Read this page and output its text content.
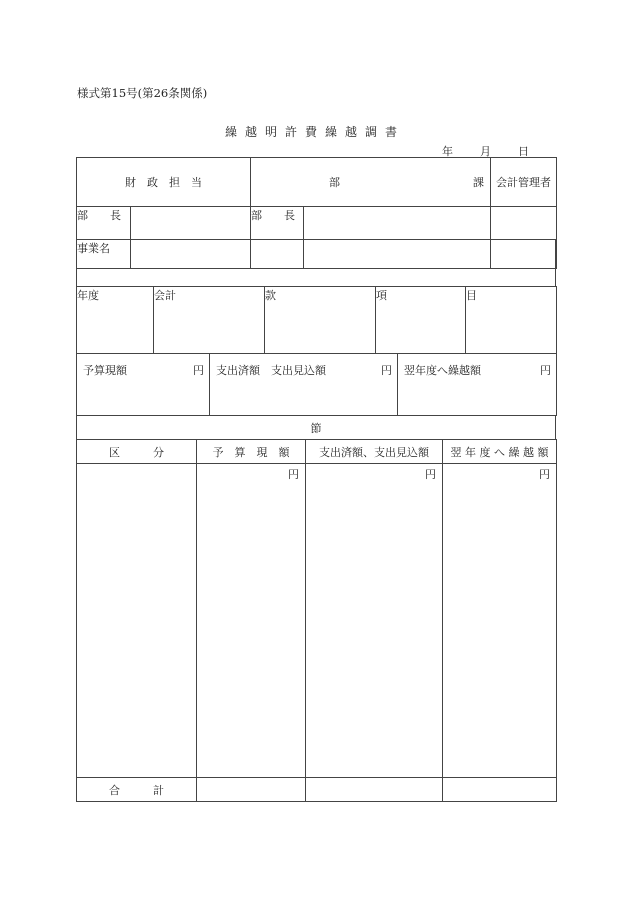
様式第15号(第26条関係)
繰越明許費繰越調書
年 月 日
財　政　担　当		部 課		会計管理者	
部　　長		部　　長			
事業名
年度	会計	款	項	目
予算現額	円	支出済額　支出見込額	円	翌年度へ繰越額	円
節
区　　　分	予　算　現　額	支出済額、支出見込額	翌 年 度 へ 繰 越 額
	円	円	円
合　　　計			
